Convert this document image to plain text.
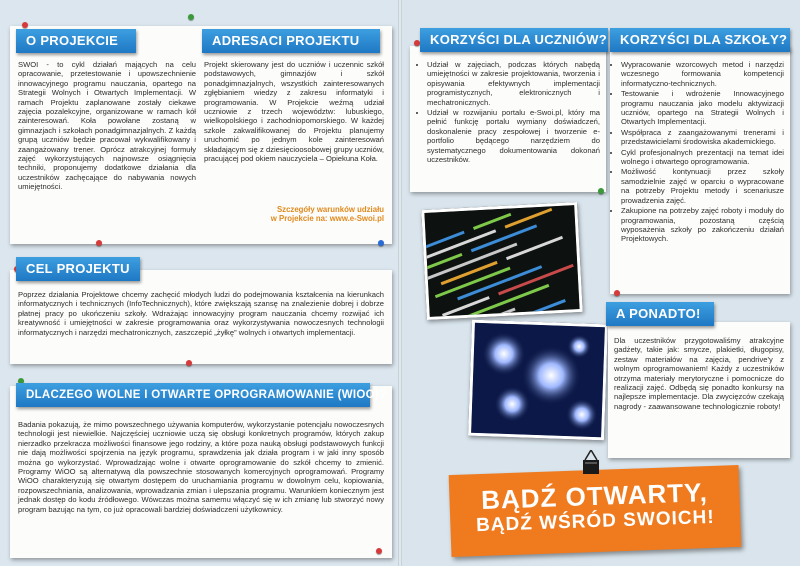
O PROJEKCIE

SWOI - to cykl działań mających na celu opracowanie, przetestowanie i upowszechnienie innowacyjnego programu nauczania, opartego na Strategii Wolnych i Otwartych Implementacji. W ramach Projektu zaplanowane zostały ciekawe zajęcia pozalekcyjne, organizowane w ramach kół zainteresowań. Koła powołane zostaną w gimnazjach i szkołach ponadgimnazjalnych. Z każdą grupą uczniów będzie pracował wykwalifikowany i zaangażowany trener. Oprócz atrakcyjnej formuły zajęć wykorzystujących najnowsze osiągnięcia techniki, proponujemy dodatkowe działania dla uczestników zachęcające do nabywania nowych umiejętności.

ADRESACI PROJEKTU

Projekt skierowany jest do uczniów i uczennic szkół podstawowych, gimnazjów i szkół ponadgimnazjalnych, wszystkich zainteresowanych zgłębianiem wiedzy z zakresu informatyki i programowania. W Projekcie weźmą udział uczniowie z trzech województw: lubuskiego, wielkopolskiego i zachodniopomorskiego. W każdej szkole zakwalifikowanej do Projektu planujemy uruchomić po jednym kole zainteresowań składającym się z dziesięcioosobowej grupy uczniów, pracującej pod okiem nauczyciela – Opiekuna Koła.

Szczegóły warunków udziału
w Projekcie na: www.e-Swoi.pl
CEL PROJEKTU

Poprzez działania Projektowe chcemy zachęcić młodych ludzi do podejmowania kształcenia na kierunkach informatycznych i technicznych (InfoTechnicznych), które zwiększają szansę na znalezienie dobrej i dobrze płatnej pracy po ukończeniu szkoły. Wdrażając innowacyjny program nauczania chcemy rozwijać ich kreatywność i umiejętności w zakresie programowania oraz wykorzystywania nowoczesnych technologii informatycznych i narzędzi mechatronicznych, zaszczepić „żyłkę” wolnych i otwartych implementacji.

DLACZEGO WOLNE I OTWARTE OPROGRAMOWANIE (WIOO)?

Badania pokazują, że mimo powszechnego używania komputerów, wykorzystanie potencjału nowoczesnych technologii jest niewielkie. Najczęściej uczniowie uczą się obsługi konkretnych programów, których zakup nierzadko przekracza możliwości finansowe jego rodziny, a które poza nauką obsługi podstawowych funkcji nie dają możliwości spojrzenia na język programu, sprawdzenia jak działa program i w jaki inny sposób można go wykorzystać. Wprowadzając wolne i otwarte oprogramowanie do szkół chcemy to zmienić. Programy WiOO są alternatywą dla powszechnie stosowanych komercyjnych oprogramowań. Programy WiOO charakteryzują się otwartym dostępem do uruchamiania programu w dowolnym celu, kopiowania, rozpowszechniania, analizowania, wprowadzania zmian i ulepszania programu. Warunkiem koniecznym jest jednak dostęp do kodu źródłowego. Wówczas można samemu włączyć się w ich zmianę lub stworzyć nowy program bazując na tym, co już opracowali bardziej doświadczeni użytkownicy.

KORZYŚCI DLA UCZNIÓW?
• Udział w zajęciach, podczas których nabędą umiejętności w zakresie projektowania, tworzenia i opisywania efektywnych implementacji programistycznych, elektronicznych i mechatronicznych.
• Udział w rozwijaniu portalu e-Swoi.pl, który ma pełnić funkcję portalu wymiany doświadczeń, doskonalenie pracy zespołowej i tworzenie e-portfolio będącego narzędziem do systematycznego dokumentowania dokonań uczestników.
KORZYŚCI DLA SZKOŁY?
• Wypracowanie wzorcowych metod i narzędzi wczesnego formowania kompetencji informatyczno-technicznych.
• Testowanie i wdrożenie Innowacyjnego programu nauczania jako modelu aktywizacji uczniów, opartego na Strategii Wolnych i Otwartych Implementacji.
• Współpraca z zaangażowanymi trenerami i przedstawicielami środowiska akademickiego.
• Cykl profesjonalnych prezentacji na temat idei wolnego i otwartego oprogramowania.
• Możliwość kontynuacji przez szkoły samodzielnie zajęć w oparciu o wypracowane na potrzeby Projektu metody i scenariusze prowadzenia zajęć.
• Zakupione na potrzeby zajęć roboty i moduły do programowania, pozostaną częścią wyposażenia szkoły po zakończeniu działań Projektowych.
A PONADTO!

Dla uczestników przygotowaliśmy atrakcyjne gadżety, takie jak: smycze, plakietki, długopisy, zestaw materiałów na zajęcia, pendrive'y z wolnym oprogramowaniem! Każdy z uczestników otrzyma materiały merytoryczne i pomocnicze do realizacji zajęć. Odbędą się ponadto konkursy na najlepsze implementacje. Dla zwycięzców czekają nagrody - zaawansowane technologicznie roboty!

BĄDŹ OTWARTY,
BĄDŹ WŚRÓD SWOICH!
